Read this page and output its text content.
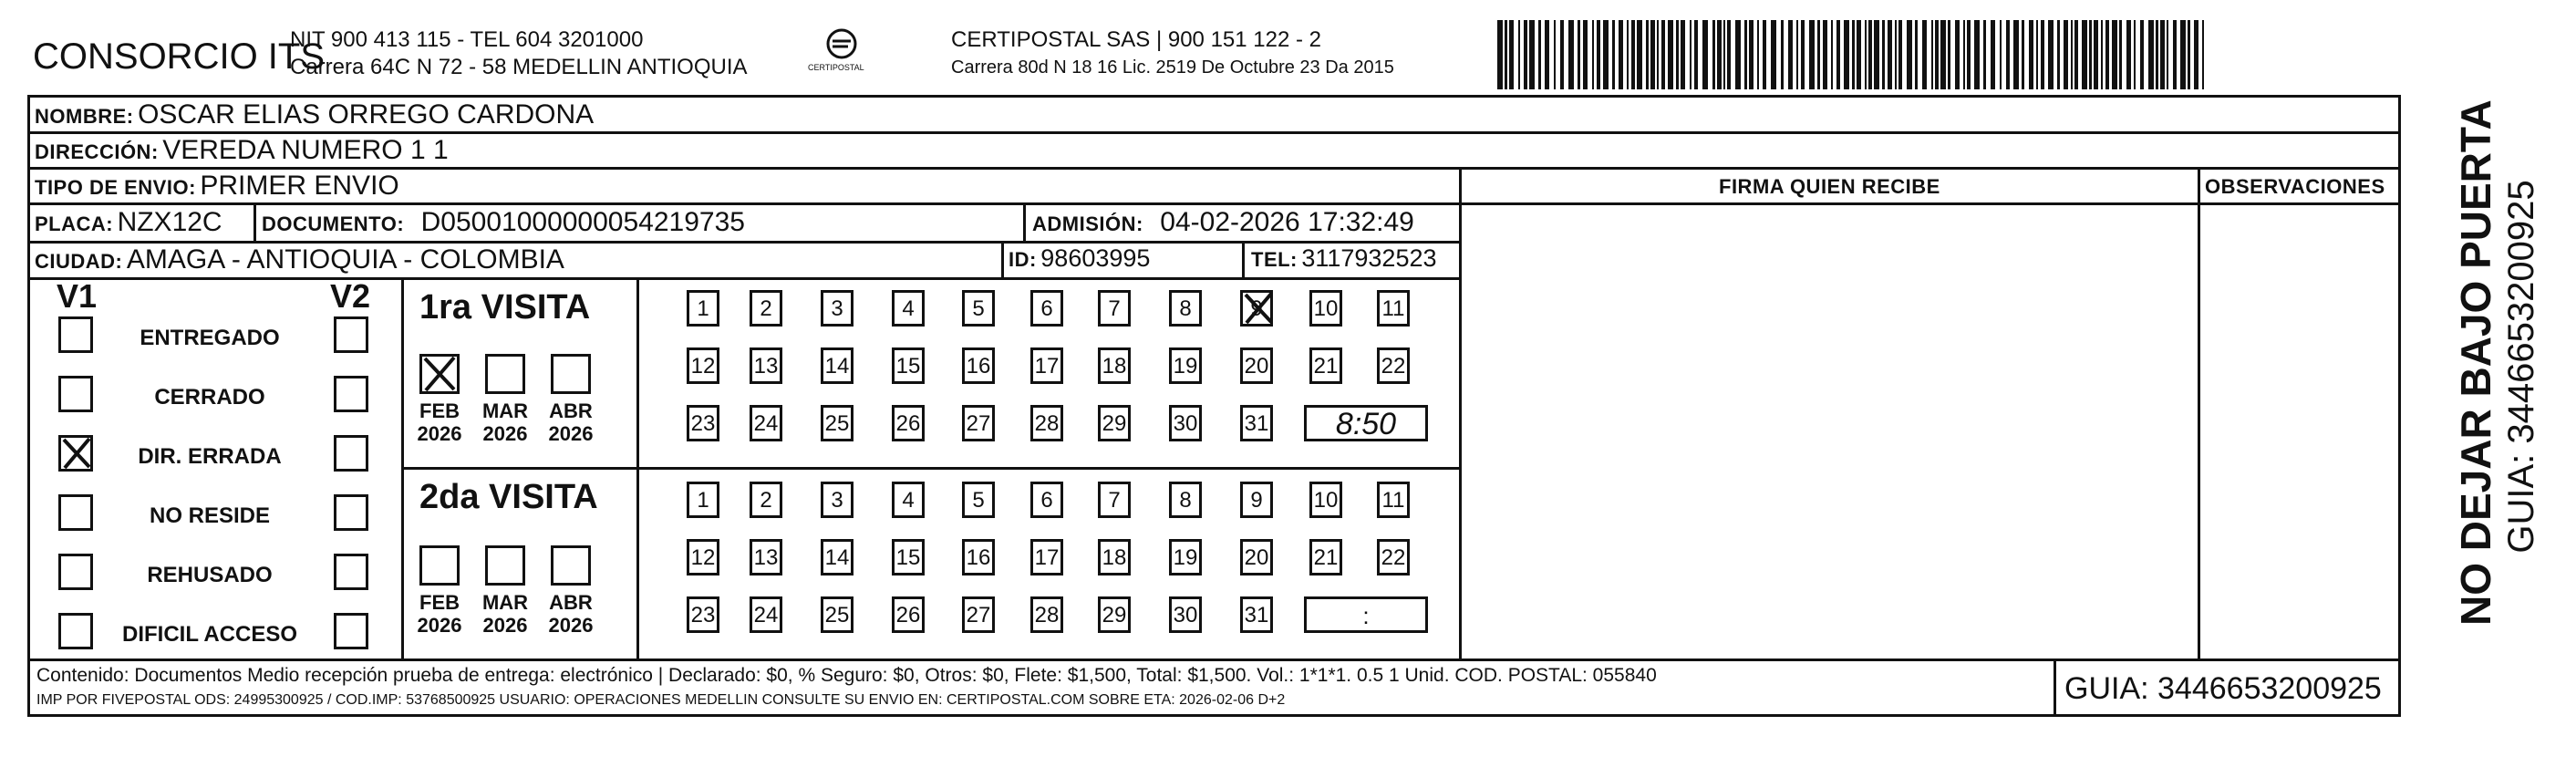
CONSORCIO ITS
NIT 900 413 115 - TEL 604 3201000
Carrera 64C N 72 - 58 MEDELLIN ANTIOQUIA	CERTIPOSTAL
CERTIPOSTAL SAS | 900 151 122 - 2
Carrera 80d N 18 16 Lic. 2519 De Octubre 23 Da 2015
NOMBRE: OSCAR ELIAS ORREGO CARDONA
DIRECCIÓN: VEREDA NUMERO 1 1
TIPO DE ENVIO: PRIMER ENVIO	FIRMA QUIEN RECIBE	OBSERVACIONES
PLACA: NZX12C DOCUMENTO: D05001000000054219735	ADMISIÓN: 04-02-2026 17:32:49
CIUDAD: AMAGA - ANTIOQUIA - COLOMBIA	ID: 98603995	TEL: 3117932523
V1	V2
ENTREGADO
CERRADO
DIR. ERRADA
NO RESIDE
REHUSADO
DIFICIL ACCESO
1ra VISITA
2da VISITA
FEB
2026
MAR
2026
ABR
2026
1	2	3	4	5	6	7	8	9	10 11
12 13 14 15 16 17 18 19 20 21 22
23 24 25 26 27 28 29 30 31	8:50
FEB
2026
MAR
2026
ABR
2026
1	2	3	4	5	6	7	8	9	10 11
12 13 14 15 16 17 18 19 20 21 22
23 24 25 26 27 28 29 30 31	:
Contenido: Documentos Medio recepción prueba de entrega: electrónico | Declarado: $0, % Seguro: $0, Otros: $0, Flete: $1,500, Total: $1,500. Vol.: 1*1*1. 0.5 1 Unid. COD. POSTAL: 055840
IMP POR FIVEPOSTAL ODS: 24995300925 / COD.IMP: 53768500925 USUARIO: OPERACIONES MEDELLIN CONSULTE SU ENVIO EN: CERTIPOSTAL.COM SOBRE ETA: 2026-02-06 D+2	GUIA: 3446653200925
NO DEJAR BAJO PUERTA GUIA: 3446653200925
